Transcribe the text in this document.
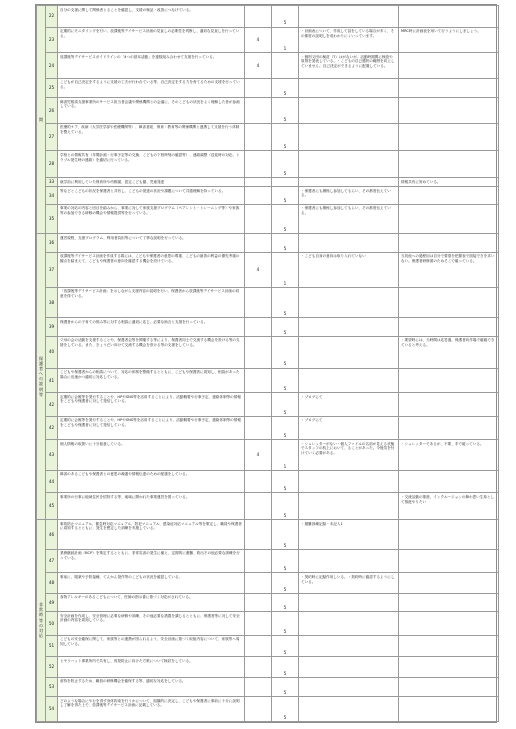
関	22	自分の支援に関して関係者とることを確認し、支援の検証・改善につなげている。		5		
	23	定期的にモニタリングを行い、放課後等デイサービス計画の見直しの必要性を判断し、適切な見直しを行っている。	4	1	・計画表について、作成して話をしている場合が多く、その都度の説明しを成わかりにくいっています。	MRC時に計画表を用いて行うようにしましょう。
	24	放課後等デイサービスガイドラインの「4つの基本活動」を複数組み合わせて支援を行っている。	4		・個別又団の検討（?）はがないが、活動時期間に検査や原則を発表している。・こどもの自己選択の範囲を向上していません。自己決定ができるように配慮している。	
	25	こどもが自己決定をするように支援の工夫が行われている等、自己決定をする力を育てるための支援を行っている。		5		
	26	障害児相談支援事業所のサービス担当者会議や関係機関との会議に、そのこどもの状況をよく理解した者が参画している。		5		
	27	医療的ケア、疾病（大学医学部や医療機関等）、障害者総、保育・教育等の関係機関と連携して支援を行う体制を整えている。		5		
	28	学校との情報共有（年間計画・行事予定等の交換、こどもの下校時刻の確認等）、連絡調整（送迎時の対応、トラブル発生時の連絡）を適切に行っている。		5		
	33	就学前に利用していた保育所や幼稚園、認定こども園、児童発達				情報共有に努めている。
	34	等などとこどもの状況を保護者と共有し、こどもの発達の状況や課題について共通理解を持っている。		5	・保護者にも積極し参加してもらい、その都度伝えている。	
	35	事業の対応の内容と回目を踏みから、事業に対して家族支援プログラム（ペアレント・トレーニング等）や家族等の参加できる研修の機会や情報提供等を行っている。		5	・保護者にも積極し参加してもらい、その都度伝えている。	
保護者への説明等	36	運営規程、支援プログラム、利用者負担等について丁寧な説明を行っている。		5		
	37	放課後等デイサービス計画を作成する際には、こどもや保護者の意思の尊重、こどもの最善の利益の優先考慮の観点を踏まえて、こどもや保護者の意向を確認する機会を設けている。	4	1	・こども自身の意向は取り入れていない	当初他への過程用は自分で要望を把握表で面接できを求いない。保護者研修面のためそこで確っている。
	38	「放課後等デイサービス計画」を示しながら支援内容の説明を行い、保護者から放課後等デイサービス計画の同意を得ている。		5		
	39	保護者からの子育ての悩み等に対する相談に適切に応じ、必要な助言と支援を行っている。		5		
	40	父母の会の活動を支援することや、保護者会等を開催する等により、保護者同士で交流する機会を設ける等の支援をしている。また、きょうだい向けて交流する機会を設ける等の支援をしている。		5		・要望時には、当時間は応答過、保護者向作場で確確できていると考える。
	41	こどもや保護者からの相談について、対応の体制を整備するとともに、こどもや保護者に周知し、相談があった場合に迅速かつ適切に対応している。		5		
	42	定期的に会報等を発行することや、HPやSNS等を活用することにより、活動概要や行事予定、連絡体制等の情報をこどもや保護者に対して発信している。		5	・ブログにて	
	42	定期的に会報等を発行することや、HPやSNS等を活用することにより、活動概要や行事予定、連絡体制等の情報をこどもや保護者に対して発信している。		5	・ブログにて	
	43	個人情報の取扱いに十分留意している。	4	1	・シュレッターがない・個人ファイルの名前が見える状態でスタッフの机上において、ることがあった。今後気を付けていく必要がある。	・シュレッターであるが、不要、手で破っている。
	44	障害のあるこどもや保護者との意思の疎通や情報伝達のための配慮をしている。		5		
	45	事業所の行事に地域住民を招待する等、地域に開かれた事業運営を図っている。		5		・交流活動の推進、インクルージョンの舞わ思い生象として推進やりたい
非常時等の対応	46	事故防止マニュアル、緊急時対応マニュアル、防犯マニュアル、感染症対応マニュアル等を策定し、職員や保護者に周知するとともに、発生を想定した訓練を実施している。		5	・避難訓練記録・未記入1	
	47	業務継続計画（BCP）を策定するとともに、非常災害の発生に備え、定期的に避難、救出その他必要な訓練を行っている。		5		
	48	事前に、服薬や予防接種、てんかん発作等のこどもの状況を確認している。		5	・契約時に記録作用しいる。・契約時に確認するようにしている。	
	49	食物アレルギーのあるこどもについて、医師の指示書に基づく対応がされている。		5		
	50	安全計画を作成し、安全管理に必要な研修や訓練、その他必要な措置を講じるとともに、保護者等に対して安全計画の内容を周知している。		5		
	51	こどもの安全確保に関して、家族等との連携が図られるよう、安全計画に基づく取組内容について、家族等へ周知している。		5		
	52	ヒヤリハット事業所内で共有し、再発防止に向けた方策について検討をしている。		5		
	53	虐待を防止するため、職員の研修機会を確保する等、適切な対応をしている。		5		
	54	どのような場合にやむを得ず身体拘束を行うかについて、組織的に決定し、こどもや保護者に事前に十分に説明し了解を得た上で、放課後等デイサービス計画に記載している。		5		
